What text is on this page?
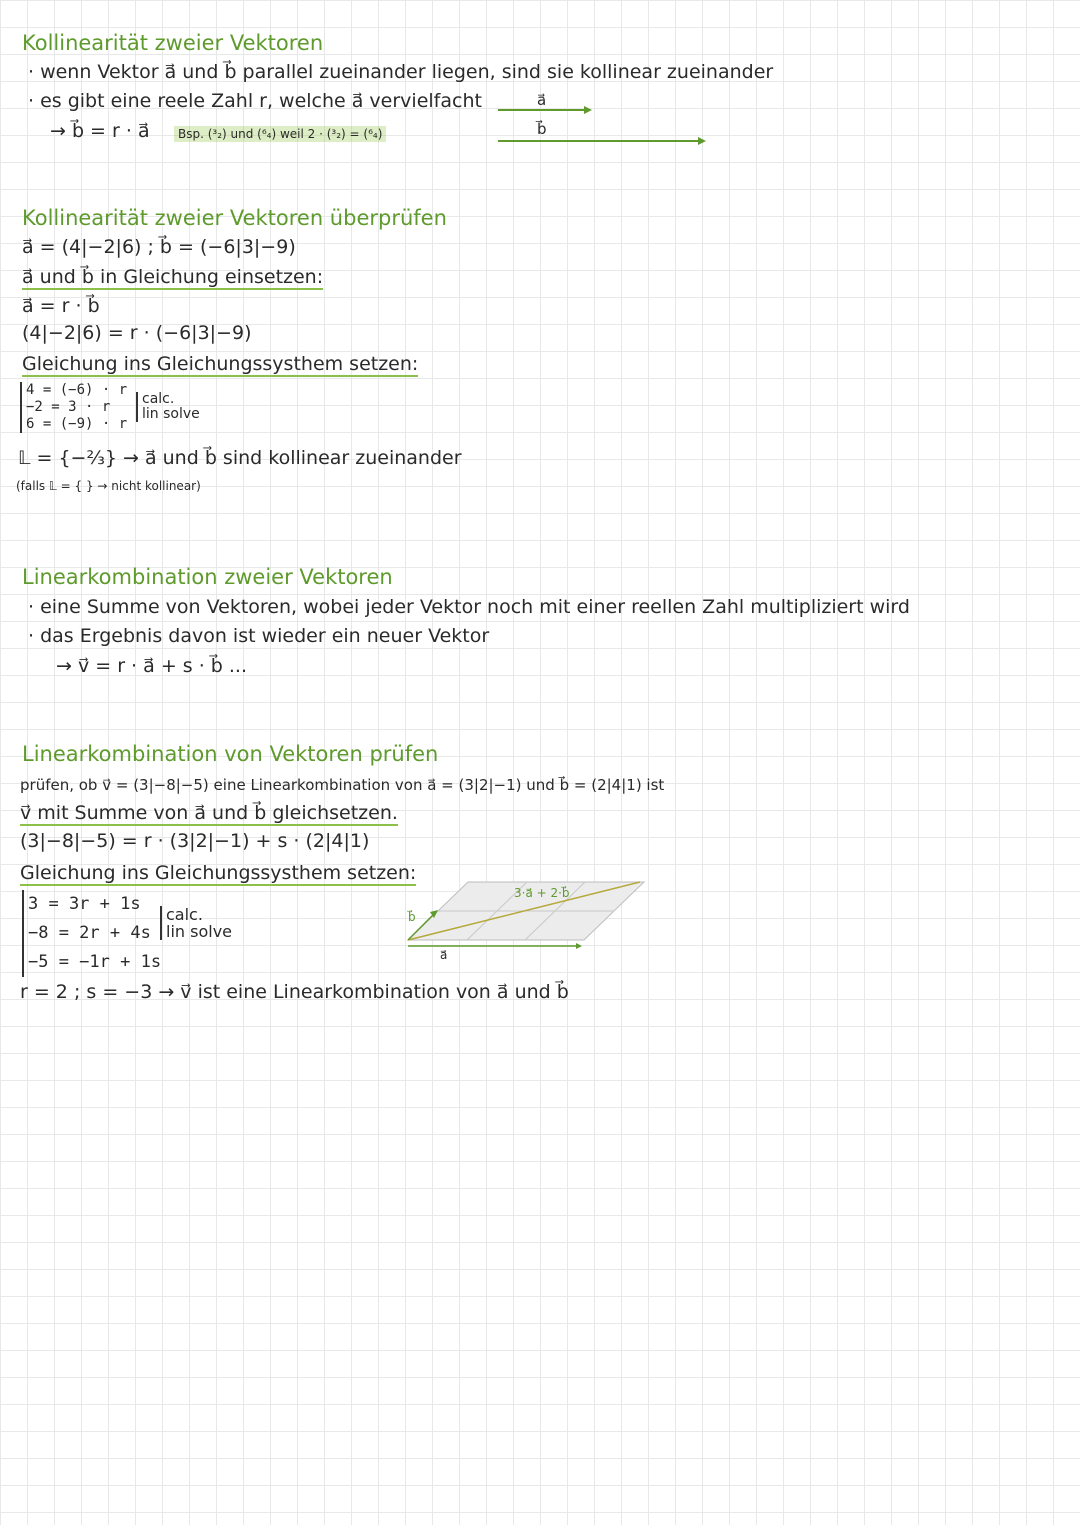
Kollinearität zweier Vektoren
· wenn Vektor a⃗ und b⃗ parallel zueinander liegen, sind sie kollinear zueinander
· es gibt eine reele Zahl r, welche a⃗ vervielfacht
→ b⃗ = r · a⃗	Bsp. (³₂) und (⁶₄) weil 2 · (³₂) = (⁶₄)
a⃗
b⃗
Kollinearität zweier Vektoren überprüfen
a⃗ = (4|−2|6) ; b⃗ = (−6|3|−9)
a⃗ und b⃗ in Gleichung einsetzen:
a⃗ = r · b⃗
(4|−2|6) = r · (−6|3|−9)
Gleichung ins Gleichungssysthem setzen:
4 = (−6) · r
−2 = 3 · r
6 = (−9) · r
calc.
lin solve
𝕃 = {−⅔} → a⃗ und b⃗ sind kollinear zueinander
(falls 𝕃 = { } → nicht kollinear)
Linearkombination zweier Vektoren
· eine Summe von Vektoren, wobei jeder Vektor noch mit einer reellen Zahl multipliziert wird
· das Ergebnis davon ist wieder ein neuer Vektor
→ v⃗ = r · a⃗ + s · b⃗ ...
Linearkombination von Vektoren prüfen
prüfen, ob v⃗ = (3|−8|−5) eine Linearkombination von a⃗ = (3|2|−1) und b⃗ = (2|4|1) ist
v⃗ mit Summe von a⃗ und b⃗ gleichsetzen.
(3|−8|−5) = r · (3|2|−1) + s · (2|4|1)
Gleichung ins Gleichungssysthem setzen:
3 = 3r + 1s
−8 = 2r + 4s
−5 = −1r + 1s
calc.
lin solve
r = 2 ; s = −3 → v⃗ ist eine Linearkombination von a⃗ und b⃗
3·a⃗ + 2·b⃗
b⃗
a⃗
